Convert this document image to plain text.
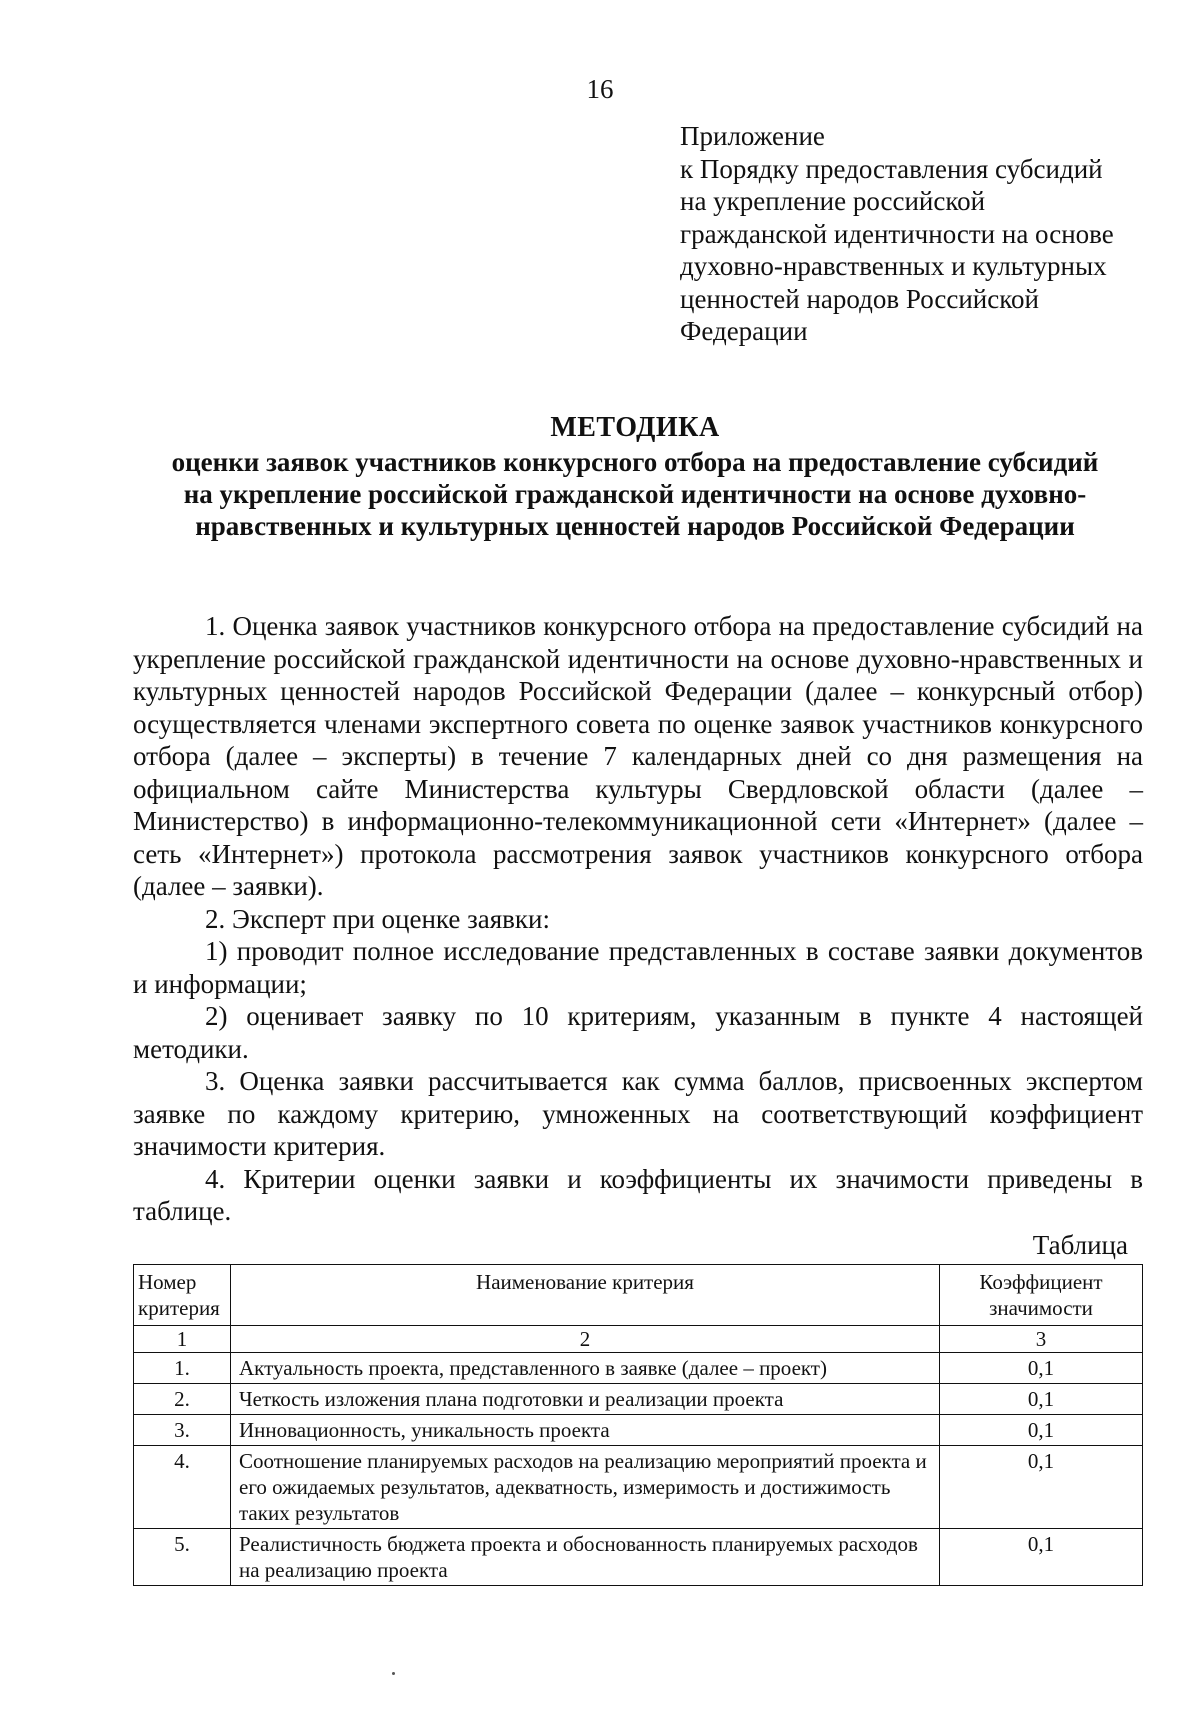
16
Приложение
к Порядку предоставления субсидий
на укрепление российской
гражданской идентичности на основе
духовно-нравственных и культурных
ценностей народов Российской
Федерации
МЕТОДИКА
оценки заявок участников конкурсного отбора на предоставление субсидий
на укрепление российской гражданской идентичности на основе духовно-
нравственных и культурных ценностей народов Российской Федерации

1. Оценка заявок участников конкурсного отбора на предоставление субсидий на укрепление российской гражданской идентичности на основе духовно-нравственных и культурных ценностей народов Российской Федерации (далее – конкурсный отбор) осуществляется членами экспертного совета по оценке заявок участников конкурсного отбора (далее – эксперты) в течение 7 календарных дней со дня размещения на официальном сайте Министерства культуры Свердловской области (далее – Министерство) в информационно-телекоммуникационной сети «Интернет» (далее – сеть «Интернет») протокола рассмотрения заявок участников конкурсного отбора (далее – заявки).

2. Эксперт при оценке заявки:

1) проводит полное исследование представленных в составе заявки документов и информации;

2) оценивает заявку по 10 критериям, указанным в пункте 4 настоящей методики.

3. Оценка заявки рассчитывается как сумма баллов, присвоенных экспертом заявке по каждому критерию, умноженных на соответствующий коэффициент значимости критерия.

4. Критерии оценки заявки и коэффициенты их значимости приведены в таблице.

Таблица
Номер критерия	Наименование критерия	Коэффициент значимости
1	2	3
1.	Актуальность проекта, представленного в заявке (далее – проект)	0,1
2.	Четкость изложения плана подготовки и реализации проекта	0,1
3.	Инновационность, уникальность проекта	0,1
4.	Соотношение планируемых расходов на реализацию мероприятий проекта и его ожидаемых результатов, адекватность, измеримость и достижимость таких результатов	0,1
5.	Реалистичность бюджета проекта и обоснованность планируемых расходов на реализацию проекта	0,1
